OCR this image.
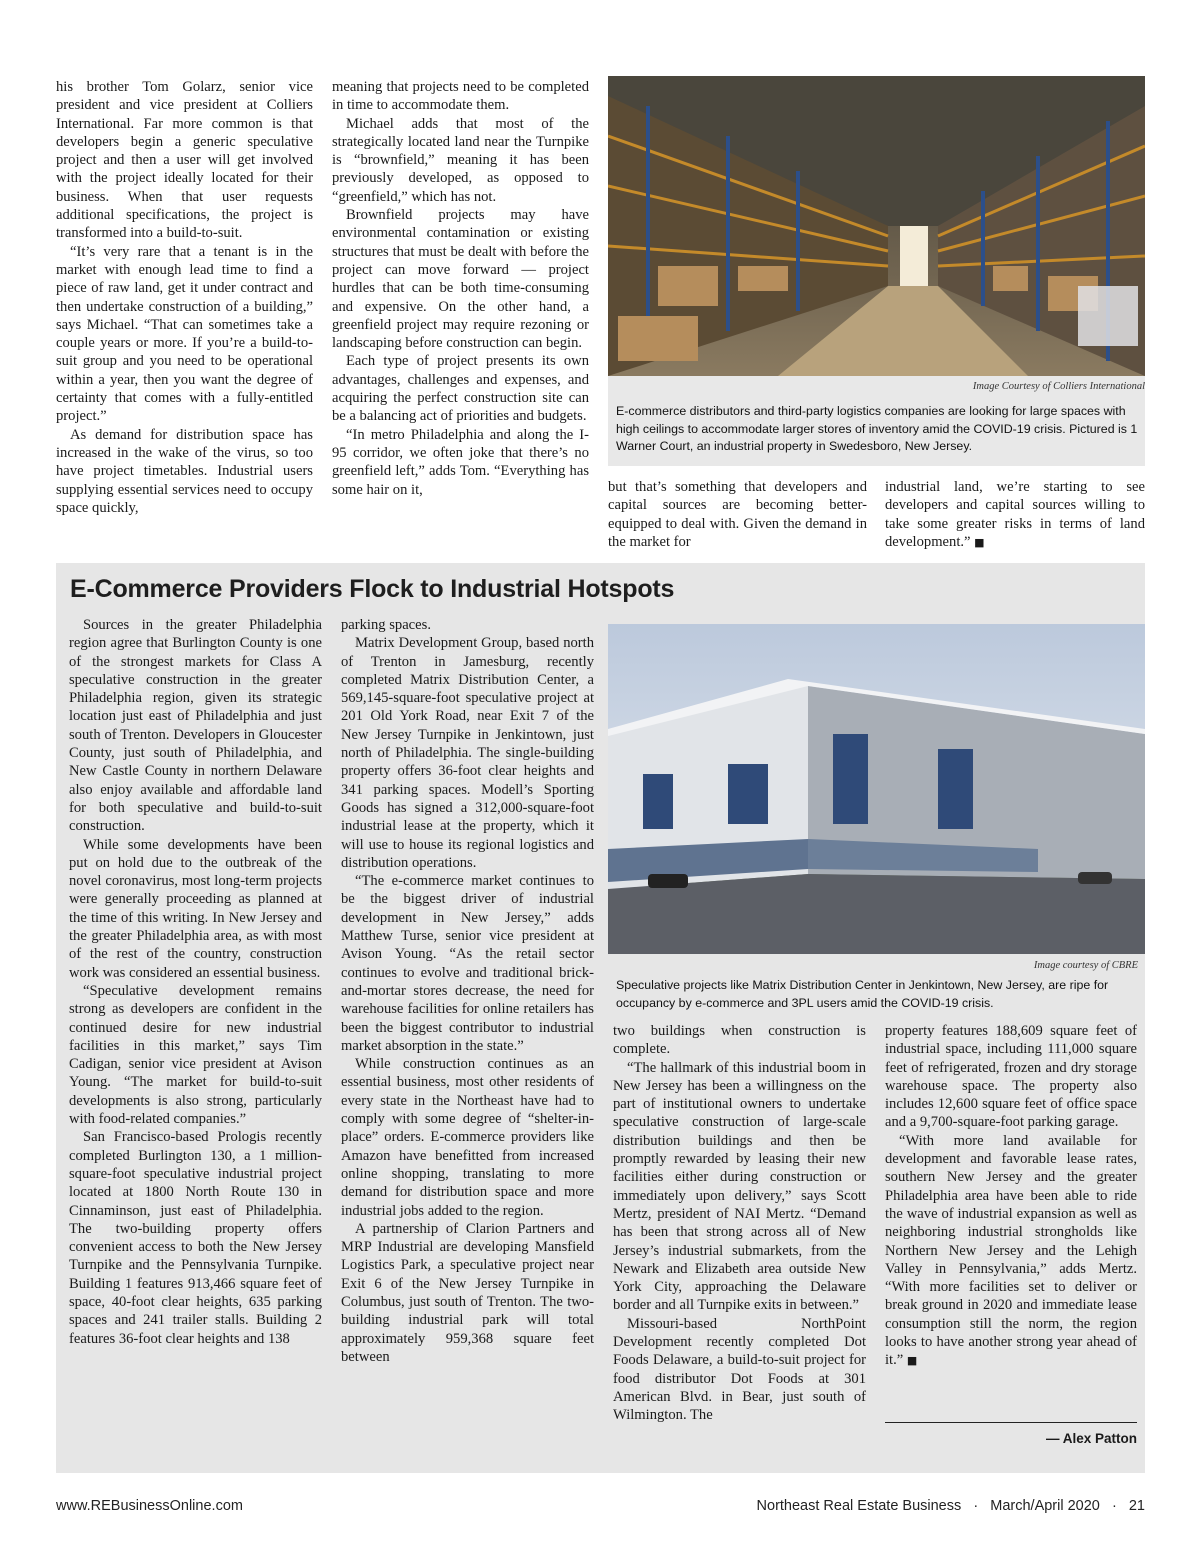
his brother Tom Golarz, senior vice president and vice president at Colliers International. Far more common is that developers begin a generic speculative project and then a user will get involved with the project ideally located for their business. When that user requests additional specifications, the project is transformed into a build-to-suit.

“It’s very rare that a tenant is in the market with enough lead time to find a piece of raw land, get it under contract and then undertake construction of a building,” says Michael. “That can sometimes take a couple years or more. If you’re a build-to-suit group and you need to be operational within a year, then you want the degree of certainty that comes with a fully-entitled project.”

As demand for distribution space has increased in the wake of the virus, so too have project timetables. Industrial users supplying essential services need to occupy space quickly,

meaning that projects need to be completed in time to accommodate them.

Michael adds that most of the strategically located land near the Turnpike is “brownfield,” meaning it has been previously developed, as opposed to “greenfield,” which has not.

Brownfield projects may have environmental contamination or existing structures that must be dealt with before the project can move forward — project hurdles that can be both time-consuming and expensive. On the other hand, a greenfield project may require rezoning or landscaping before construction can begin.

Each type of project presents its own advantages, challenges and expenses, and acquiring the perfect construction site can be a balancing act of priorities and budgets.

“In metro Philadelphia and along the I-95 corridor, we often joke that there’s no greenfield left,” adds Tom. “Everything has some hair on it,

Image Courtesy of Colliers International
E-commerce distributors and third-party logistics companies are looking for large spaces with high ceilings to accommodate larger stores of inventory amid the COVID-19 crisis. Pictured is 1 Warner Court, an industrial property in Swedesboro, New Jersey.

but that’s something that developers and capital sources are becoming better-equipped to deal with. Given the demand in the market for

industrial land, we’re starting to see developers and capital sources willing to take some greater risks in terms of land development.” ■

E-Commerce Providers Flock to Industrial Hotspots

Sources in the greater Philadelphia region agree that Burlington County is one of the strongest markets for Class A speculative construction in the greater Philadelphia region, given its strategic location just east of Philadelphia and just south of Trenton. Developers in Gloucester County, just south of Philadelphia, and New Castle County in northern Delaware also enjoy available and affordable land for both speculative and build-to-suit construction.

While some developments have been put on hold due to the outbreak of the novel coronavirus, most long-term projects were generally proceeding as planned at the time of this writing. In New Jersey and the greater Philadelphia area, as with most of the rest of the country, construction work was considered an essential business.

“Speculative development remains strong as developers are confident in the continued desire for new industrial facilities in this market,” says Tim Cadigan, senior vice president at Avison Young. “The market for build-to-suit developments is also strong, particularly with food-related companies.”

San Francisco-based Prologis recently completed Burlington 130, a 1 million-square-foot speculative industrial project located at 1800 North Route 130 in Cinnaminson, just east of Philadelphia. The two-building property offers convenient access to both the New Jersey Turnpike and the Pennsylvania Turnpike. Building 1 features 913,466 square feet of space, 40-foot clear heights, 635 parking spaces and 241 trailer stalls. Building 2 features 36-foot clear heights and 138

parking spaces.

Matrix Development Group, based north of Trenton in Jamesburg, recently completed Matrix Distribution Center, a 569,145-square-foot speculative project at 201 Old York Road, near Exit 7 of the New Jersey Turnpike in Jenkintown, just north of Philadelphia. The single-building property offers 36-foot clear heights and 341 parking spaces. Modell’s Sporting Goods has signed a 312,000-square-foot industrial lease at the property, which it will use to house its regional logistics and distribution operations.

“The e-commerce market continues to be the biggest driver of industrial development in New Jersey,” adds Matthew Turse, senior vice president at Avison Young. “As the retail sector continues to evolve and traditional brick-and-mortar stores decrease, the need for warehouse facilities for online retailers has been the biggest contributor to industrial market absorption in the state.”

While construction continues as an essential business, most other residents of every state in the Northeast have had to comply with some degree of “shelter-in-place” orders. E-commerce providers like Amazon have benefitted from increased online shopping, translating to more demand for distribution space and more industrial jobs added to the region.

A partnership of Clarion Partners and MRP Industrial are developing Mansfield Logistics Park, a speculative project near Exit 6 of the New Jersey Turnpike in Columbus, just south of Trenton. The two-building industrial park will total approximately 959,368 square feet between

Image courtesy of CBRE
Speculative projects like Matrix Distribution Center in Jenkintown, New Jersey, are ripe for occupancy by e-commerce and 3PL users amid the COVID-19 crisis.

two buildings when construction is complete.

“The hallmark of this industrial boom in New Jersey has been a willingness on the part of institutional owners to undertake speculative construction of large-scale distribution buildings and then be promptly rewarded by leasing their new facilities either during construction or immediately upon delivery,” says Scott Mertz, president of NAI Mertz. “Demand has been that strong across all of New Jersey’s industrial submarkets, from the Newark and Elizabeth area outside New York City, approaching the Delaware border and all Turnpike exits in between.”

Missouri-based NorthPoint Development recently completed Dot Foods Delaware, a build-to-suit project for food distributor Dot Foods at 301 American Blvd. in Bear, just south of Wilmington. The

property features 188,609 square feet of industrial space, including 111,000 square feet of refrigerated, frozen and dry storage warehouse space. The property also includes 12,600 square feet of office space and a 9,700-square-foot parking garage.

“With more land available for development and favorable lease rates, southern New Jersey and the greater Philadelphia area have been able to ride the wave of industrial expansion as well as neighboring industrial strongholds like Northern New Jersey and the Lehigh Valley in Pennsylvania,” adds Mertz. “With more facilities set to deliver or break ground in 2020 and immediate lease consumption still the norm, the region looks to have another strong year ahead of it.” ■

— Alex Patton
www.REBusinessOnline.com	Northeast Real Estate Business   ·   March/April 2020   ·   21
